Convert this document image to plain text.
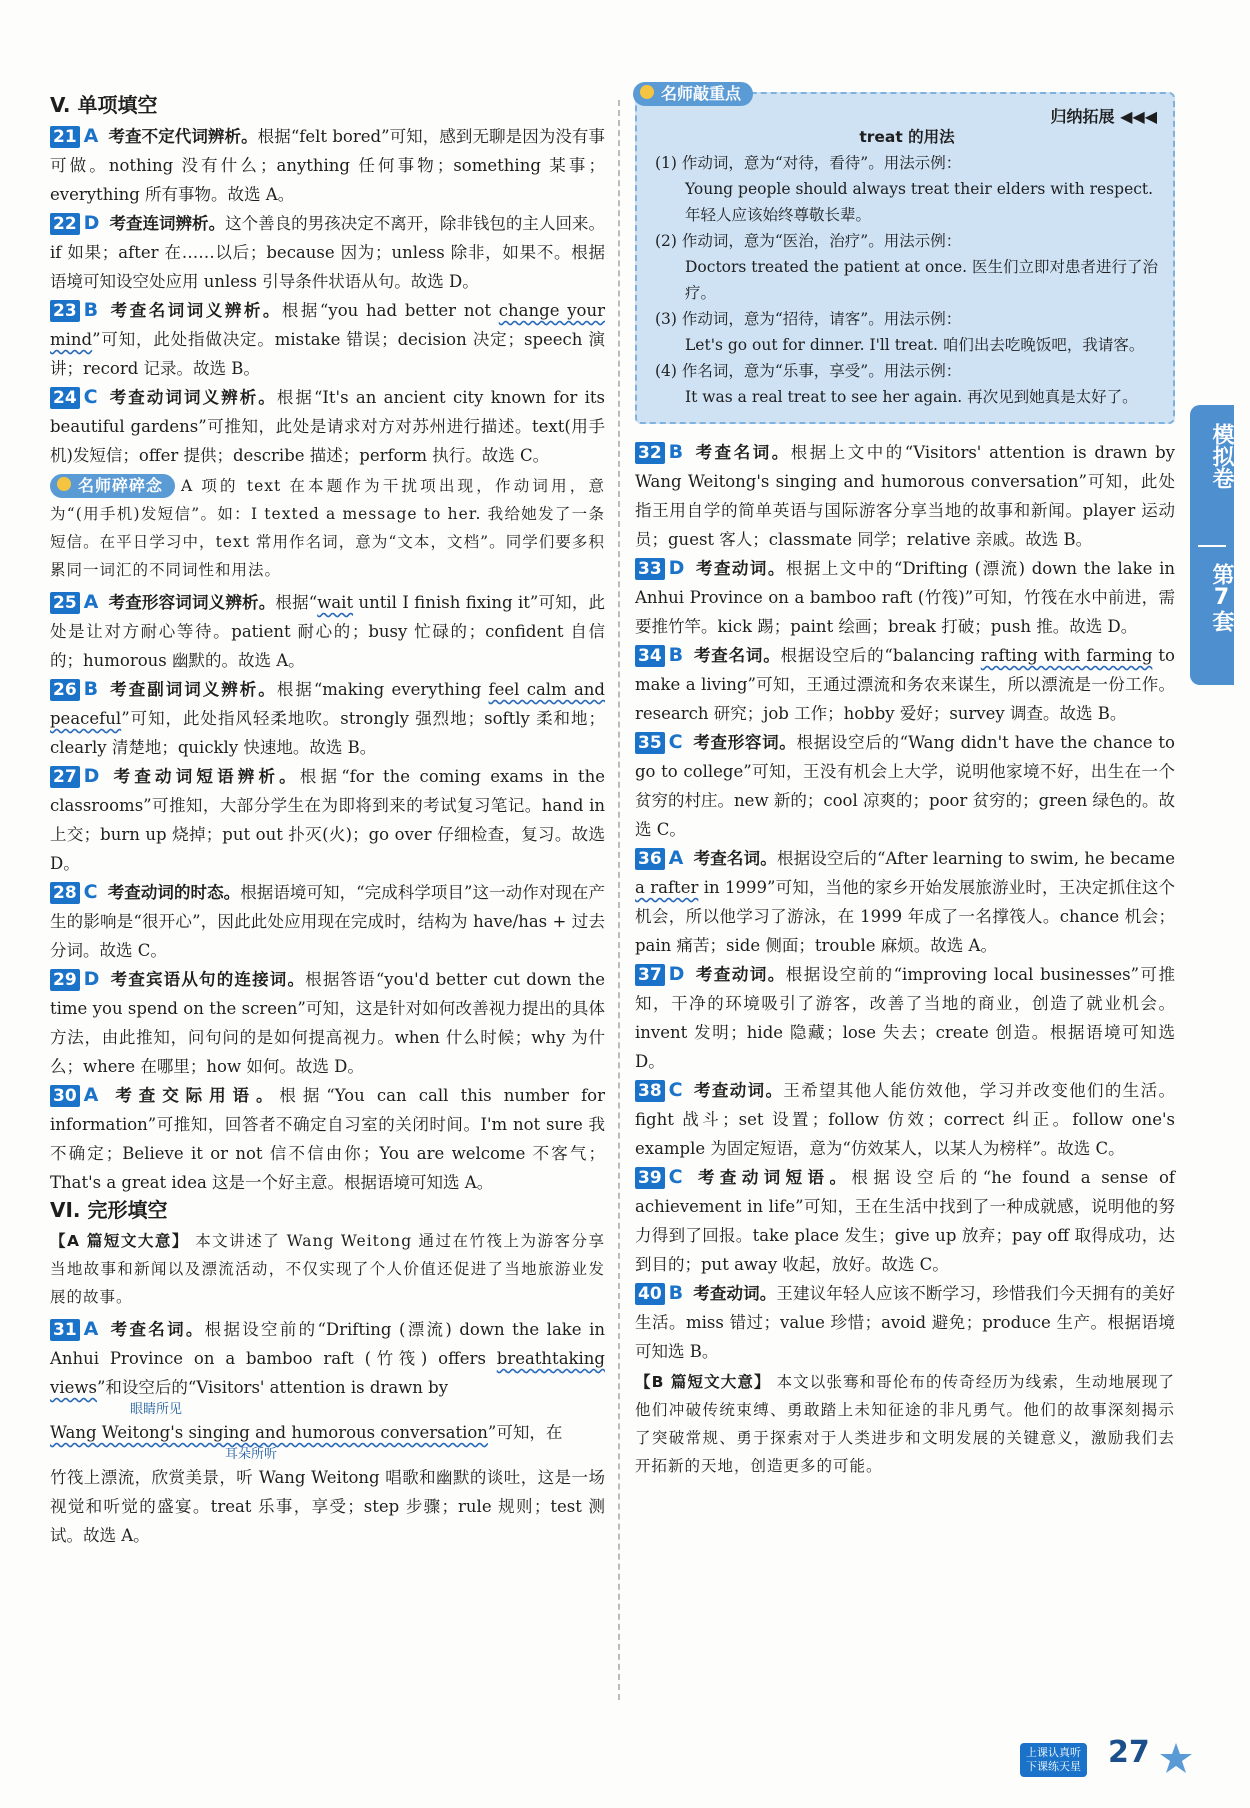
V. 单项填空

21 A 考查不定代词辨析。根据“felt bored”可知，感到无聊是因为没有事可做。nothing 没有什么；anything 任何事物；something 某事；everything 所有事物。故选 A。

22 D 考查连词辨析。这个善良的男孩决定不离开，除非钱包的主人回来。if 如果；after 在……以后；because 因为；unless 除非，如果不。根据语境可知设空处应用 unless 引导条件状语从句。故选 D。

23 B 考查名词词义辨析。根据“you had better not change your mind”可知，此处指做决定。mistake 错误；decision 决定；speech 演讲；record 记录。故选 B。

24 C 考查动词词义辨析。根据“It's an ancient city known for its beautiful gardens”可推知，此处是请求对方对苏州进行描述。text(用手机)发短信；offer 提供；describe 描述；perform 执行。故选 C。

名师碎碎念 A 项的 text 在本题作为干扰项出现，作动词用，意为“(用手机)发短信”。如：I texted a message to her. 我给她发了一条短信。在平日学习中，text 常用作名词，意为“文本，文档”。同学们要多积累同一词汇的不同词性和用法。

25 A 考查形容词词义辨析。根据“wait until I finish fixing it”可知，此处是让对方耐心等待。patient 耐心的；busy 忙碌的；confident 自信的；humorous 幽默的。故选 A。

26 B 考查副词词义辨析。根据“making everything feel calm and peaceful”可知，此处指风轻柔地吹。strongly 强烈地；softly 柔和地；clearly 清楚地；quickly 快速地。故选 B。

27 D 考查动词短语辨析。根据“for the coming exams in the classrooms”可推知，大部分学生在为即将到来的考试复习笔记。hand in 上交；burn up 烧掉；put out 扑灭(火)；go over 仔细检查，复习。故选 D。

28 C 考查动词的时态。根据语境可知，“完成科学项目”这一动作对现在产生的影响是“很开心”，因此此处应用现在完成时，结构为 have/has + 过去分词。故选 C。

29 D 考查宾语从句的连接词。根据答语“you'd better cut down the time you spend on the screen”可知，这是针对如何改善视力提出的具体方法，由此推知，问句问的是如何提高视力。when 什么时候；why 为什么；where 在哪里；how 如何。故选 D。

30 A 考查交际用语。根据“You can call this number for information”可推知，回答者不确定自习室的关闭时间。I'm not sure 我不确定；Believe it or not 信不信由你；You are welcome 不客气；That's a great idea 这是一个好主意。根据语境可知选 A。

VI. 完形填空

【A 篇短文大意】 本文讲述了 Wang Weitong 通过在竹筏上为游客分享当地故事和新闻以及漂流活动，不仅实现了个人价值还促进了当地旅游业发展的故事。

31 A 考查名词。根据设空前的“Drifting (漂流) down the lake in Anhui Province on a bamboo raft (竹筏) offers breathtaking views”和设空后的“Visitors' attention is drawn by
眼睛所见
Wang Weitong's singing and humorous conversation”可知，在
耳朵所听
竹筏上漂流，欣赏美景，听 Wang Weitong 唱歌和幽默的谈吐，这是一场视觉和听觉的盛宴。treat 乐事，享受；step 步骤；rule 规则；test 测试。故选 A。

名师敲重点
归纳拓展 ◀◀◀

treat 的用法

(1) 作动词，意为“对待，看待”。用法示例：

Young people should always treat their elders with respect. 年轻人应该始终尊敬长辈。

(2) 作动词，意为“医治，治疗”。用法示例：

Doctors treated the patient at once. 医生们立即对患者进行了治疗。

(3) 作动词，意为“招待，请客”。用法示例：

Let's go out for dinner. I'll treat. 咱们出去吃晚饭吧，我请客。

(4) 作名词，意为“乐事，享受”。用法示例：

It was a real treat to see her again. 再次见到她真是太好了。

32 B 考查名词。根据上文中的“Visitors' attention is drawn by Wang Weitong's singing and humorous conversation”可知，此处指王用自学的简单英语与国际游客分享当地的故事和新闻。player 运动员；guest 客人；classmate 同学；relative 亲戚。故选 B。

33 D 考查动词。根据上文中的“Drifting (漂流) down the lake in Anhui Province on a bamboo raft (竹筏)”可知，竹筏在水中前进，需要推竹竿。kick 踢；paint 绘画；break 打破；push 推。故选 D。

34 B 考查名词。根据设空后的“balancing rafting with farming to make a living”可知，王通过漂流和务农来谋生，所以漂流是一份工作。research 研究；job 工作；hobby 爱好；survey 调查。故选 B。

35 C 考查形容词。根据设空后的“Wang didn't have the chance to go to college”可知，王没有机会上大学，说明他家境不好，出生在一个贫穷的村庄。new 新的；cool 凉爽的；poor 贫穷的；green 绿色的。故选 C。

36 A 考查名词。根据设空后的“After learning to swim, he became a rafter in 1999”可知，当他的家乡开始发展旅游业时，王决定抓住这个机会，所以他学习了游泳，在 1999 年成了一名撑筏人。chance 机会；pain 痛苦；side 侧面；trouble 麻烦。故选 A。

37 D 考查动词。根据设空前的“improving local businesses”可推知，干净的环境吸引了游客，改善了当地的商业，创造了就业机会。invent 发明；hide 隐藏；lose 失去；create 创造。根据语境可知选 D。

38 C 考查动词。王希望其他人能仿效他，学习并改变他们的生活。fight 战斗；set 设置；follow 仿效；correct 纠正。follow one's example 为固定短语，意为“仿效某人，以某人为榜样”。故选 C。

39 C 考查动词短语。根据设空后的“he found a sense of achievement in life”可知，王在生活中找到了一种成就感，说明他的努力得到了回报。take place 发生；give up 放弃；pay off 取得成功，达到目的；put away 收起，放好。故选 C。

40 B 考查动词。王建议年轻人应该不断学习，珍惜我们今天拥有的美好生活。miss 错过；value 珍惜；avoid 避免；produce 生产。根据语境可知选 B。

【B 篇短文大意】 本文以张骞和哥伦布的传奇经历为线索，生动地展现了他们冲破传统束缚、勇敢踏上未知征途的非凡勇气。他们的故事深刻揭示了突破常规、勇于探索对于人类进步和文明发展的关键意义，激励我们去开拓新的天地，创造更多的可能。

模拟卷
第7套
上课认真听
下课练天星 27
